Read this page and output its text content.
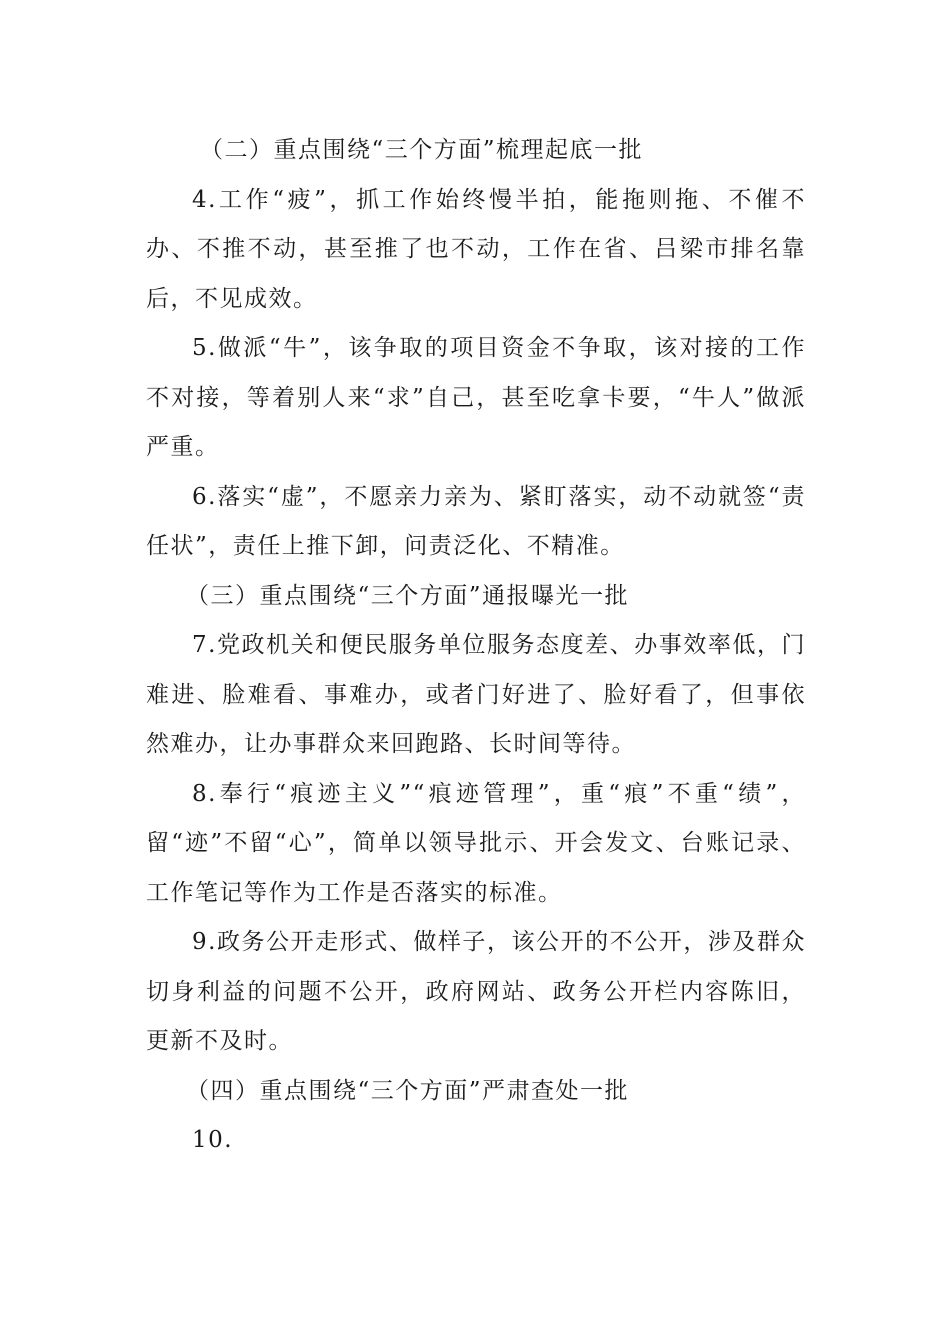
（二）重点围绕“三个方面”梳理起底一批

4.工作“疲”，抓工作始终慢半拍，能拖则拖、不催不办、不推不动，甚至推了也不动，工作在省、吕梁市排名靠后，不见成效。

5.做派“牛”，该争取的项目资金不争取，该对接的工作不对接，等着别人来“求”自己，甚至吃拿卡要，“牛人”做派严重。

6.落实“虚”，不愿亲力亲为、紧盯落实，动不动就签“责任状”，责任上推下卸，问责泛化、不精准。

（三）重点围绕“三个方面”通报曝光一批

7.党政机关和便民服务单位服务态度差、办事效率低，门难进、脸难看、事难办，或者门好进了、脸好看了，但事依然难办，让办事群众来回跑路、长时间等待。

8.奉行“痕迹主义”“痕迹管理”，重“痕”不重“绩”，留“迹”不留“心”，简单以领导批示、开会发文、台账记录、工作笔记等作为工作是否落实的标准。

9.政务公开走形式、做样子，该公开的不公开，涉及群众切身利益的问题不公开，政府网站、政务公开栏内容陈旧，更新不及时。

（四）重点围绕“三个方面”严肃查处一批

10.
